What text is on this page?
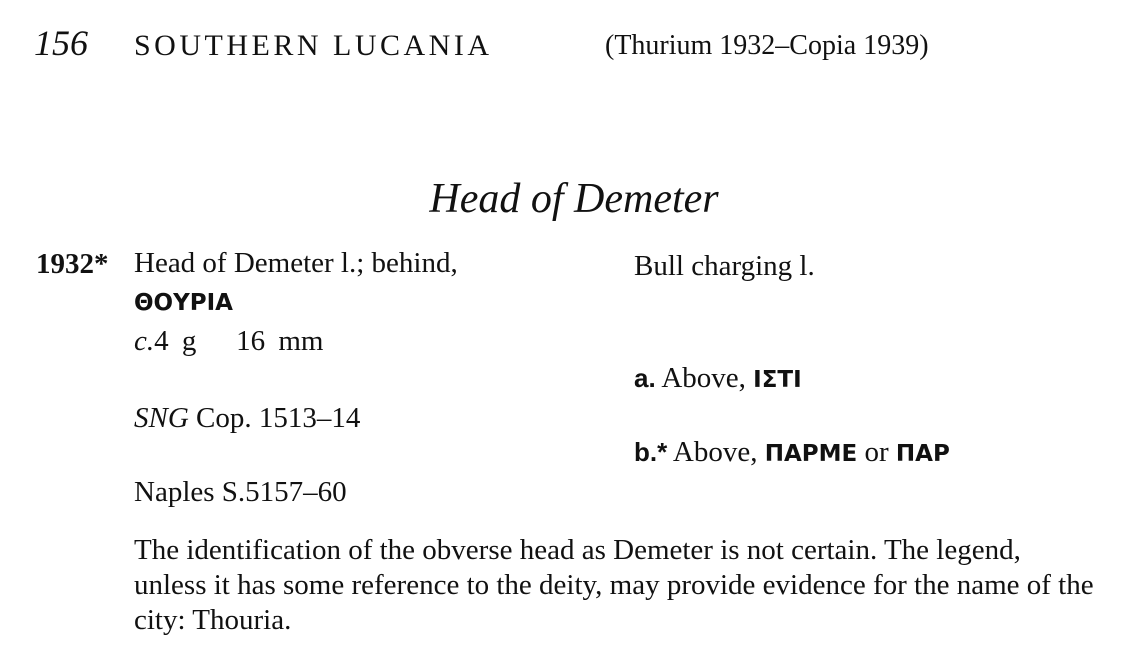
156 SOUTHERN LUCANIA	(Thurium 1932–Copia 1939)
Head of Demeter
1932* Head of Demeter l.; behind,
ΘΟΥΡΙΑ
c.4 g 16 mm
SNG Cop. 1513–14
Naples S.5157–60
Bull charging l.
a. Above, ΙΣΤΙ
b.* Above, ΠΑΡΜΕ or ΠΑΡ
The identification of the obverse head as Demeter is not certain. The legend, unless it has some reference to the deity, may provide evidence for the name of the city: Thouria.
